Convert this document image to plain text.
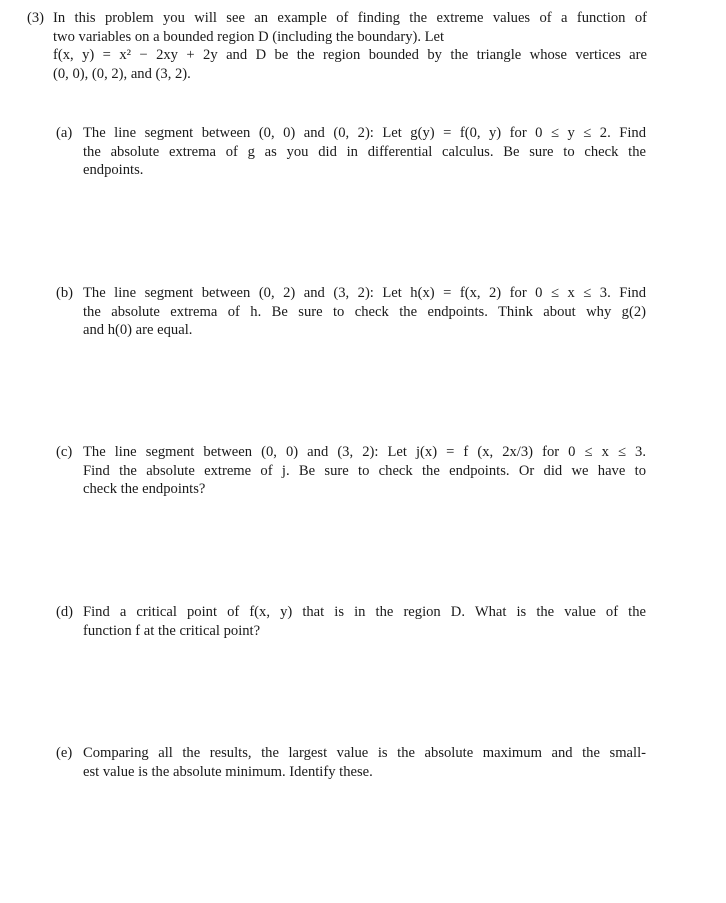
(3) In this problem you will see an example of finding the extreme values of a function of
two variables on a bounded region D (including the boundary). Let
f(x, y) = x² − 2xy + 2y and D be the region bounded by the triangle whose vertices are
(0, 0), (0, 2), and (3, 2).
(a) The line segment between (0, 0) and (0, 2): Let g(y) = f(0, y) for 0 ≤ y ≤ 2. Find
the absolute extrema of g as you did in differential calculus. Be sure to check the
endpoints.
(b) The line segment between (0, 2) and (3, 2): Let h(x) = f(x, 2) for 0 ≤ x ≤ 3. Find
the absolute extrema of h. Be sure to check the endpoints. Think about why g(2)
and h(0) are equal.
(c) The line segment between (0, 0) and (3, 2): Let j(x) = f (x, 2x/3) for 0 ≤ x ≤ 3.
Find the absolute extreme of j. Be sure to check the endpoints. Or did we have to
check the endpoints?
(d) Find a critical point of f(x, y) that is in the region D. What is the value of the
function f at the critical point?
(e) Comparing all the results, the largest value is the absolute maximum and the small-
est value is the absolute minimum. Identify these.
